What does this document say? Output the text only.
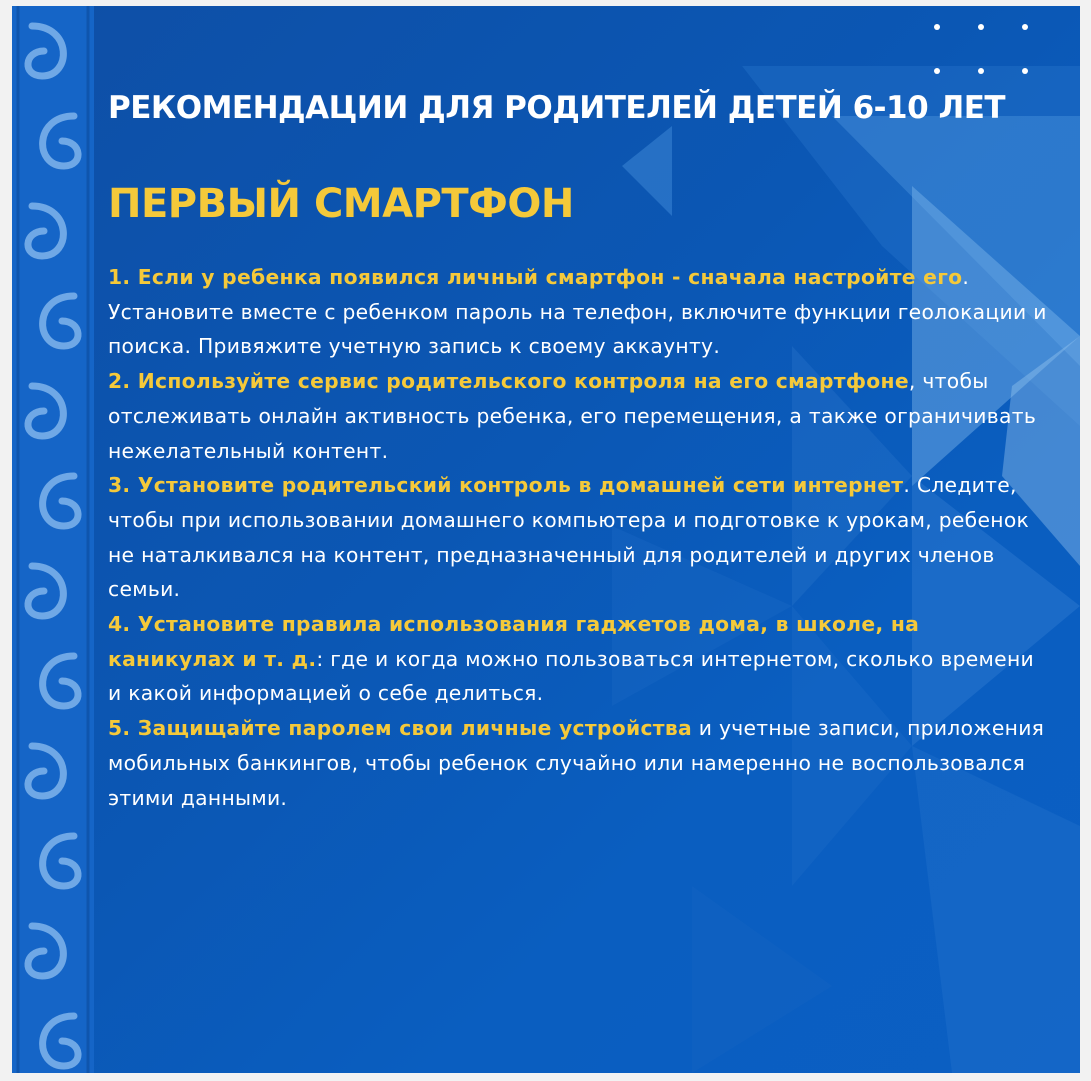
РЕКОМЕНДАЦИИ ДЛЯ РОДИТЕЛЕЙ ДЕТЕЙ 6-10 ЛЕТ
ПЕРВЫЙ СМАРТФОН
1. Если у ребенка появился личный смартфон - сначала настройте его. Установите вместе с ребенком пароль на телефон, включите функции геолокации и поиска. Привяжите учетную запись к своему аккаунту.
2. Используйте сервис родительского контроля на его смартфоне, чтобы отслеживать онлайн активность ребенка, его перемещения, а также ограничивать нежелательный контент.
3. Установите родительский контроль в домашней сети интернет. Следите, чтобы при использовании домашнего компьютера и подготовке к урокам, ребенок не наталкивался на контент, предназначенный для родителей и других членов семьи.
4. Установите правила использования гаджетов дома, в школе, на каникулах и т. д.: где и когда можно пользоваться интернетом, сколько времени и какой информацией о себе делиться.
5. Защищайте паролем свои личные устройства и учетные записи, приложения мобильных банкингов, чтобы ребенок случайно или намеренно не воспользовался этими данными.
